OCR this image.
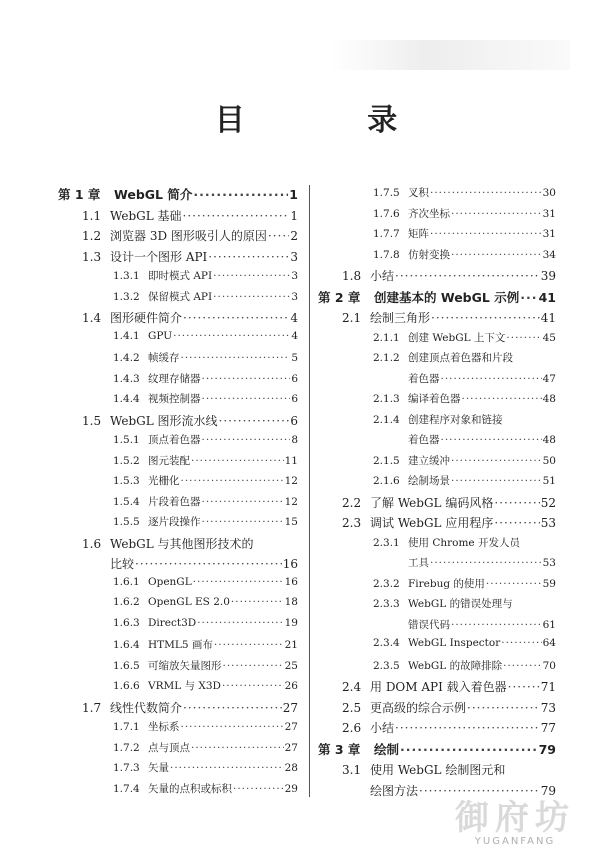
目 录
第 1 章	WebGL 简介 ·····	1
1.1 WebGL 基础 ·····	1
1.2 浏览器 3D 图形吸引人的原因 ····· 2
1.3 设计一个图形 API ·····	3
1.3.1 即时模式 API ·····	3
1.3.2 保留模式 API ·····	3
1.4 图形硬件简介 ·····	4
1.4.1 GPU ·····	4
1.4.2 帧缓存 ·····	5
1.4.3 纹理存储器 ·····	6
1.4.4 视频控制器 ·····	6
1.5 WebGL 图形流水线 ·····	6
1.5.1 顶点着色器 ·····	8
1.5.2 图元装配 ·····	11
1.5.3 光栅化 ·····	12
1.5.4 片段着色器 ·····	12
1.5.5 逐片段操作 ·····	15
1.6 WebGL 与其他图形技术的
比较 ·····	16
1.6.1 OpenGL ·····	16
1.6.2 OpenGL ES 2.0 ·····	18
1.6.3 Direct3D ·····	19
1.6.4 HTML5 画布 ·····	21
1.6.5 可缩放矢量图形 ·····	25
1.6.6 VRML 与 X3D ·····	26
1.7 线性代数简介 ·····	27
1.7.1 坐标系 ·····	27
1.7.2 点与顶点 ·····	27
1.7.3 矢量 ·····	28
1.7.4 矢量的点积或标积 ·····	29
1.7.5 叉积 ·····	30
1.7.6 齐次坐标 ·····	31
1.7.7 矩阵 ·····	31
1.7.8 仿射变换 ·····	34
1.8 小结 ·····	39
第 2 章	创建基本的 WebGL 示例 ····· 41
2.1 绘制三角形 ·····	41
2.1.1 创建 WebGL 上下文 ·····	45
2.1.2 创建顶点着色器和片段
着色器 ·····	47
2.1.3 编译着色器 ·····	48
2.1.4 创建程序对象和链接
着色器 ·····	48
2.1.5 建立缓冲 ·····	50
2.1.6 绘制场景 ·····	51
2.2 了解 WebGL 编码风格 ·····	52
2.3 调试 WebGL 应用程序 ·····	53
2.3.1 使用 Chrome 开发人员
工具 ·····	53
2.3.2 Firebug 的使用 ·····	59
2.3.3 WebGL 的错误处理与
错误代码 ·····	61
2.3.4 WebGL Inspector ·····	64
2.3.5 WebGL 的故障排除 ·····	70
2.4 用 DOM API 载入着色器 ·····	71
2.5 更高级的综合示例 ·····	73
2.6 小结 ·····	77
第 3 章	绘制 ·····	79
3.1 使用 WebGL 绘制图元和
绘图方法 ·····	79
御府坊
YUGANFANG
